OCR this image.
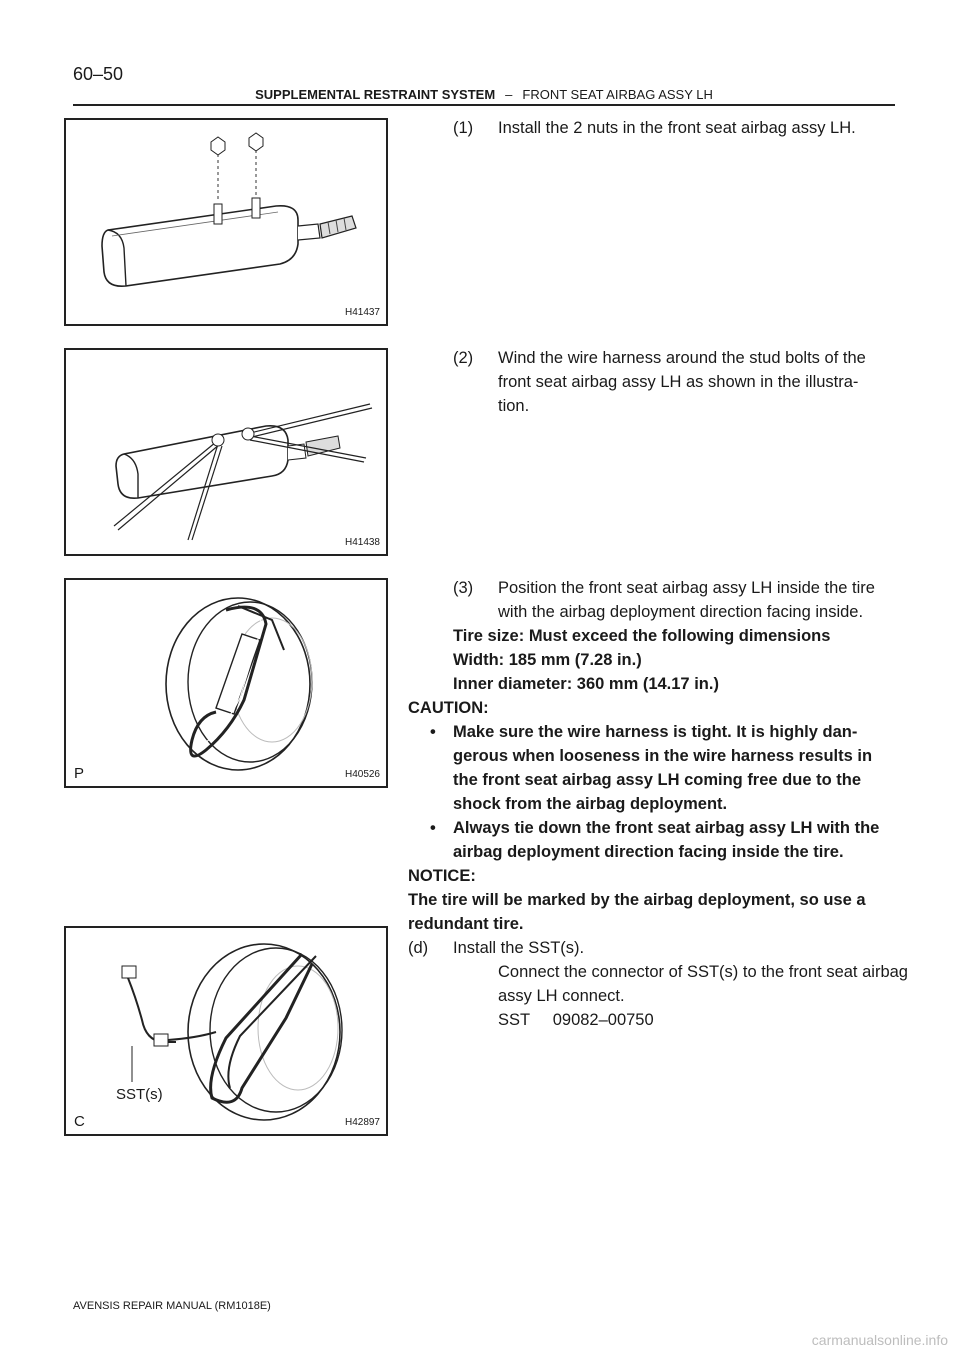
60–50
SUPPLEMENTAL RESTRAINT SYSTEM – FRONT SEAT AIRBAG ASSY LH
H41437
H41438
P	H40526
SST(s)
C	H42897
(1) Install the 2 nuts in the front seat airbag assy LH.
(2) Wind the wire harness around the stud bolts of the
front seat airbag assy LH as shown in the illustra-
tion.
(3) Position the front seat airbag assy LH inside the tire
with the airbag deployment direction facing inside.
Tire size: Must exceed the following dimensions
Width: 185 mm (7.28 in.)
Inner diameter: 360 mm (14.17 in.)
CAUTION:
• Make sure the wire harness is tight. It is highly dan-
gerous when looseness in the wire harness results in
the front seat airbag assy LH coming free due to the
shock from the airbag deployment.
• Always tie down the front seat airbag assy LH with the
airbag deployment direction facing inside the tire.
NOTICE:
The tire will be marked by the airbag deployment, so use a
redundant tire.
(d) Install the SST(s).
Connect the connector of SST(s) to the front seat airbag
assy LH connect.
SST     09082–00750
AVENSIS REPAIR MANUAL (RM1018E)
carmanualsonline.info
